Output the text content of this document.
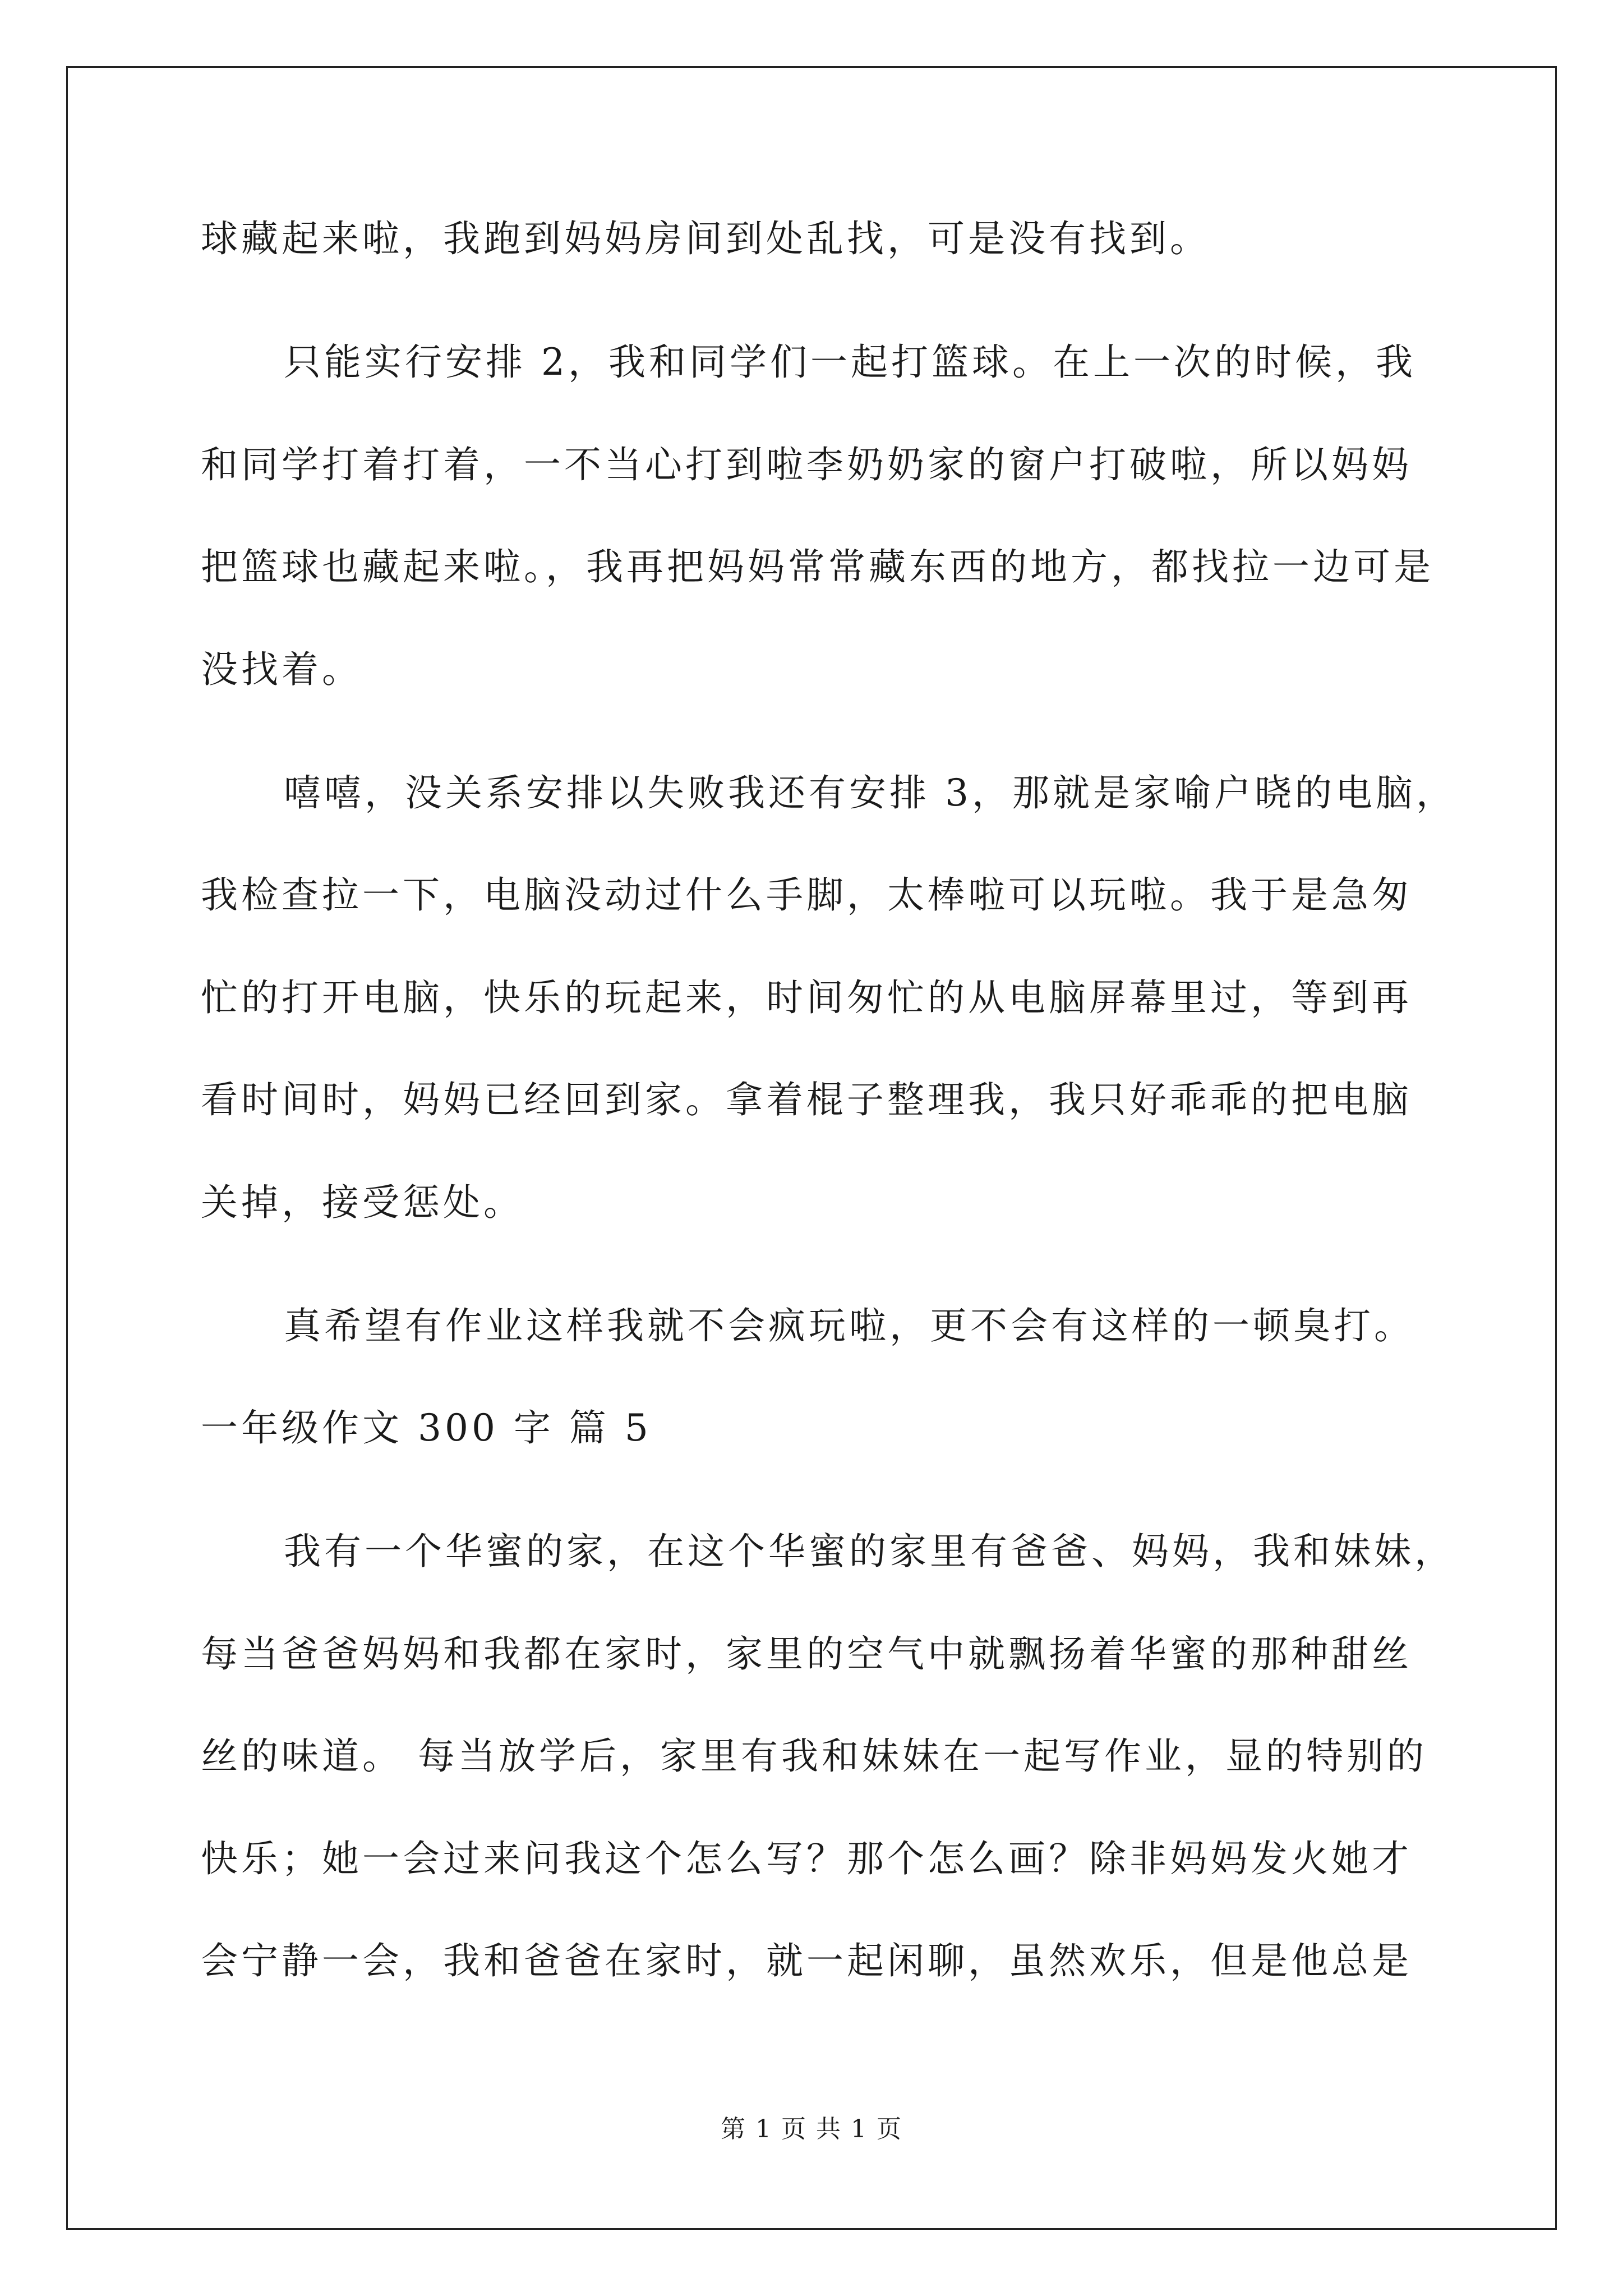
球藏起来啦，我跑到妈妈房间到处乱找，可是没有找到。
只能实行安排 2，我和同学们一起打篮球。在上一次的时候，我
和同学打着打着，一不当心打到啦李奶奶家的窗户打破啦，所以妈妈
把篮球也藏起来啦。，我再把妈妈常常藏东西的地方，都找拉一边可是
没找着。
嘻嘻，没关系安排以失败我还有安排 3，那就是家喻户晓的电脑，
我检查拉一下，电脑没动过什么手脚，太棒啦可以玩啦。我于是急匆
忙的打开电脑，快乐的玩起来，时间匆忙的从电脑屏幕里过，等到再
看时间时，妈妈已经回到家。拿着棍子整理我，我只好乖乖的把电脑
关掉，接受惩处。
真希望有作业这样我就不会疯玩啦，更不会有这样的一顿臭打。
一年级作文 300 字 篇 5
我有一个华蜜的家，在这个华蜜的家里有爸爸、妈妈，我和妹妹，
每当爸爸妈妈和我都在家时，家里的空气中就飘扬着华蜜的那种甜丝
丝的味道。 每当放学后，家里有我和妹妹在一起写作业，显的特别的
快乐；她一会过来问我这个怎么写？那个怎么画？除非妈妈发火她才
会宁静一会，我和爸爸在家时，就一起闲聊，虽然欢乐，但是他总是
第 1 页 共 1 页
